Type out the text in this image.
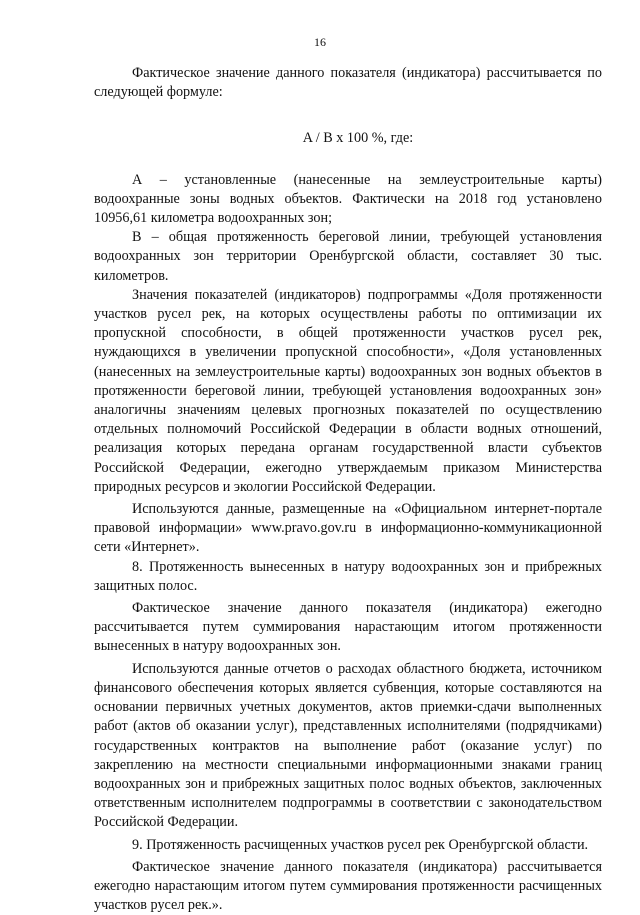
16

Фактическое значение данного показателя (индикатора) рассчитывается по следующей формуле:

A / B x 100 %, где:

А – установленные (нанесенные на землеустроительные карты) водоохранные зоны водных объектов. Фактически на 2018 год установлено 10956,61 километра водоохранных зон;

В – общая протяженность береговой линии, требующей установления водоохранных зон территории Оренбургской области, составляет 30 тыс. километров.

Значения показателей (индикаторов) подпрограммы «Доля протяженности участков русел рек, на которых осуществлены работы по оптимизации их пропускной способности, в общей протяженности участков русел рек, нуждающихся в увеличении пропускной способности», «Доля установленных (нанесенных на землеустроительные карты) водоохранных зон водных объектов в протяженности береговой линии, требующей установления водоохранных зон» аналогичны значениям целевых прогнозных показателей по осуществлению отдельных полномочий Российской Федерации в области водных отношений, реализация которых передана органам государственной власти субъектов Российской Федерации, ежегодно утверждаемым приказом Министерства природных ресурсов и экологии Российской Федерации.

Используются данные, размещенные на «Официальном интернет-портале правовой информации» www.pravo.gov.ru в информационно-коммуникационной сети «Интернет».

8. Протяженность вынесенных в натуру водоохранных зон и прибрежных защитных полос.

Фактическое значение данного показателя (индикатора) ежегодно рассчитывается путем суммирования нарастающим итогом протяженности вынесенных в натуру водоохранных зон.

Используются данные отчетов о расходах областного бюджета, источником финансового обеспечения которых является субвенция, которые составляются на основании первичных учетных документов, актов приемки-сдачи выполненных работ (актов об оказании услуг), представленных исполнителями (подрядчиками) государственных контрактов на выполнение работ (оказание услуг) по закреплению на местности специальными информационными знаками границ водоохранных зон и прибрежных защитных полос водных объектов, заключенных ответственным исполнителем подпрограммы в соответствии с законодательством Российской Федерации.

9. Протяженность расчищенных участков русел рек Оренбургской области.

Фактическое значение данного показателя (индикатора) рассчитывается ежегодно нарастающим итогом путем суммирования протяженности расчищенных участков русел рек.».
